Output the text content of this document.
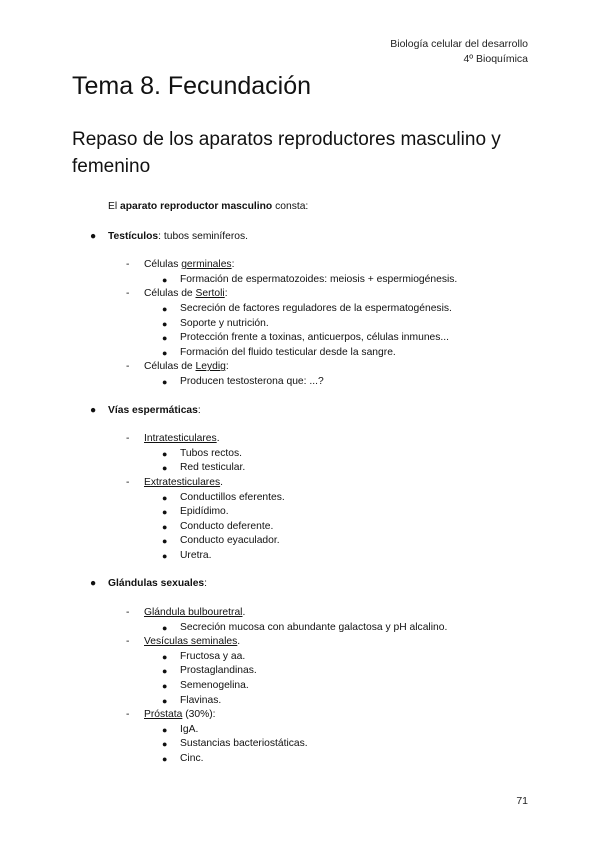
Biología celular del desarrollo
4º Bioquímica
Tema 8. Fecundación
Repaso de los aparatos reproductores masculino y femenino
El aparato reproductor masculino consta:
● Testículos: tubos seminíferos.
- Células germinales:
● Formación de espermatozoides: meiosis + espermiogénesis.
- Células de Sertoli:
● Secreción de factores reguladores de la espermatogénesis.
● Soporte y nutrición.
● Protección frente a toxinas, anticuerpos, células inmunes...
● Formación del fluido testicular desde la sangre.
- Células de Leydig:
● Producen testosterona que: ...?
● Vías espermáticas:
- Intratesticulares.
● Tubos rectos.
● Red testicular.
- Extratesticulares.
● Conductillos eferentes.
● Epidídimo.
● Conducto deferente.
● Conducto eyaculador.
● Uretra.
● Glándulas sexuales:
- Glándula bulbouretral.
● Secreción mucosa con abundante galactosa y pH alcalino.
- Vesículas seminales.
● Fructosa y aa.
● Prostaglandinas.
● Semenogelina.
● Flavinas.
- Próstata (30%):
● IgA.
● Sustancias bacteriostáticas.
● Cinc.
71
